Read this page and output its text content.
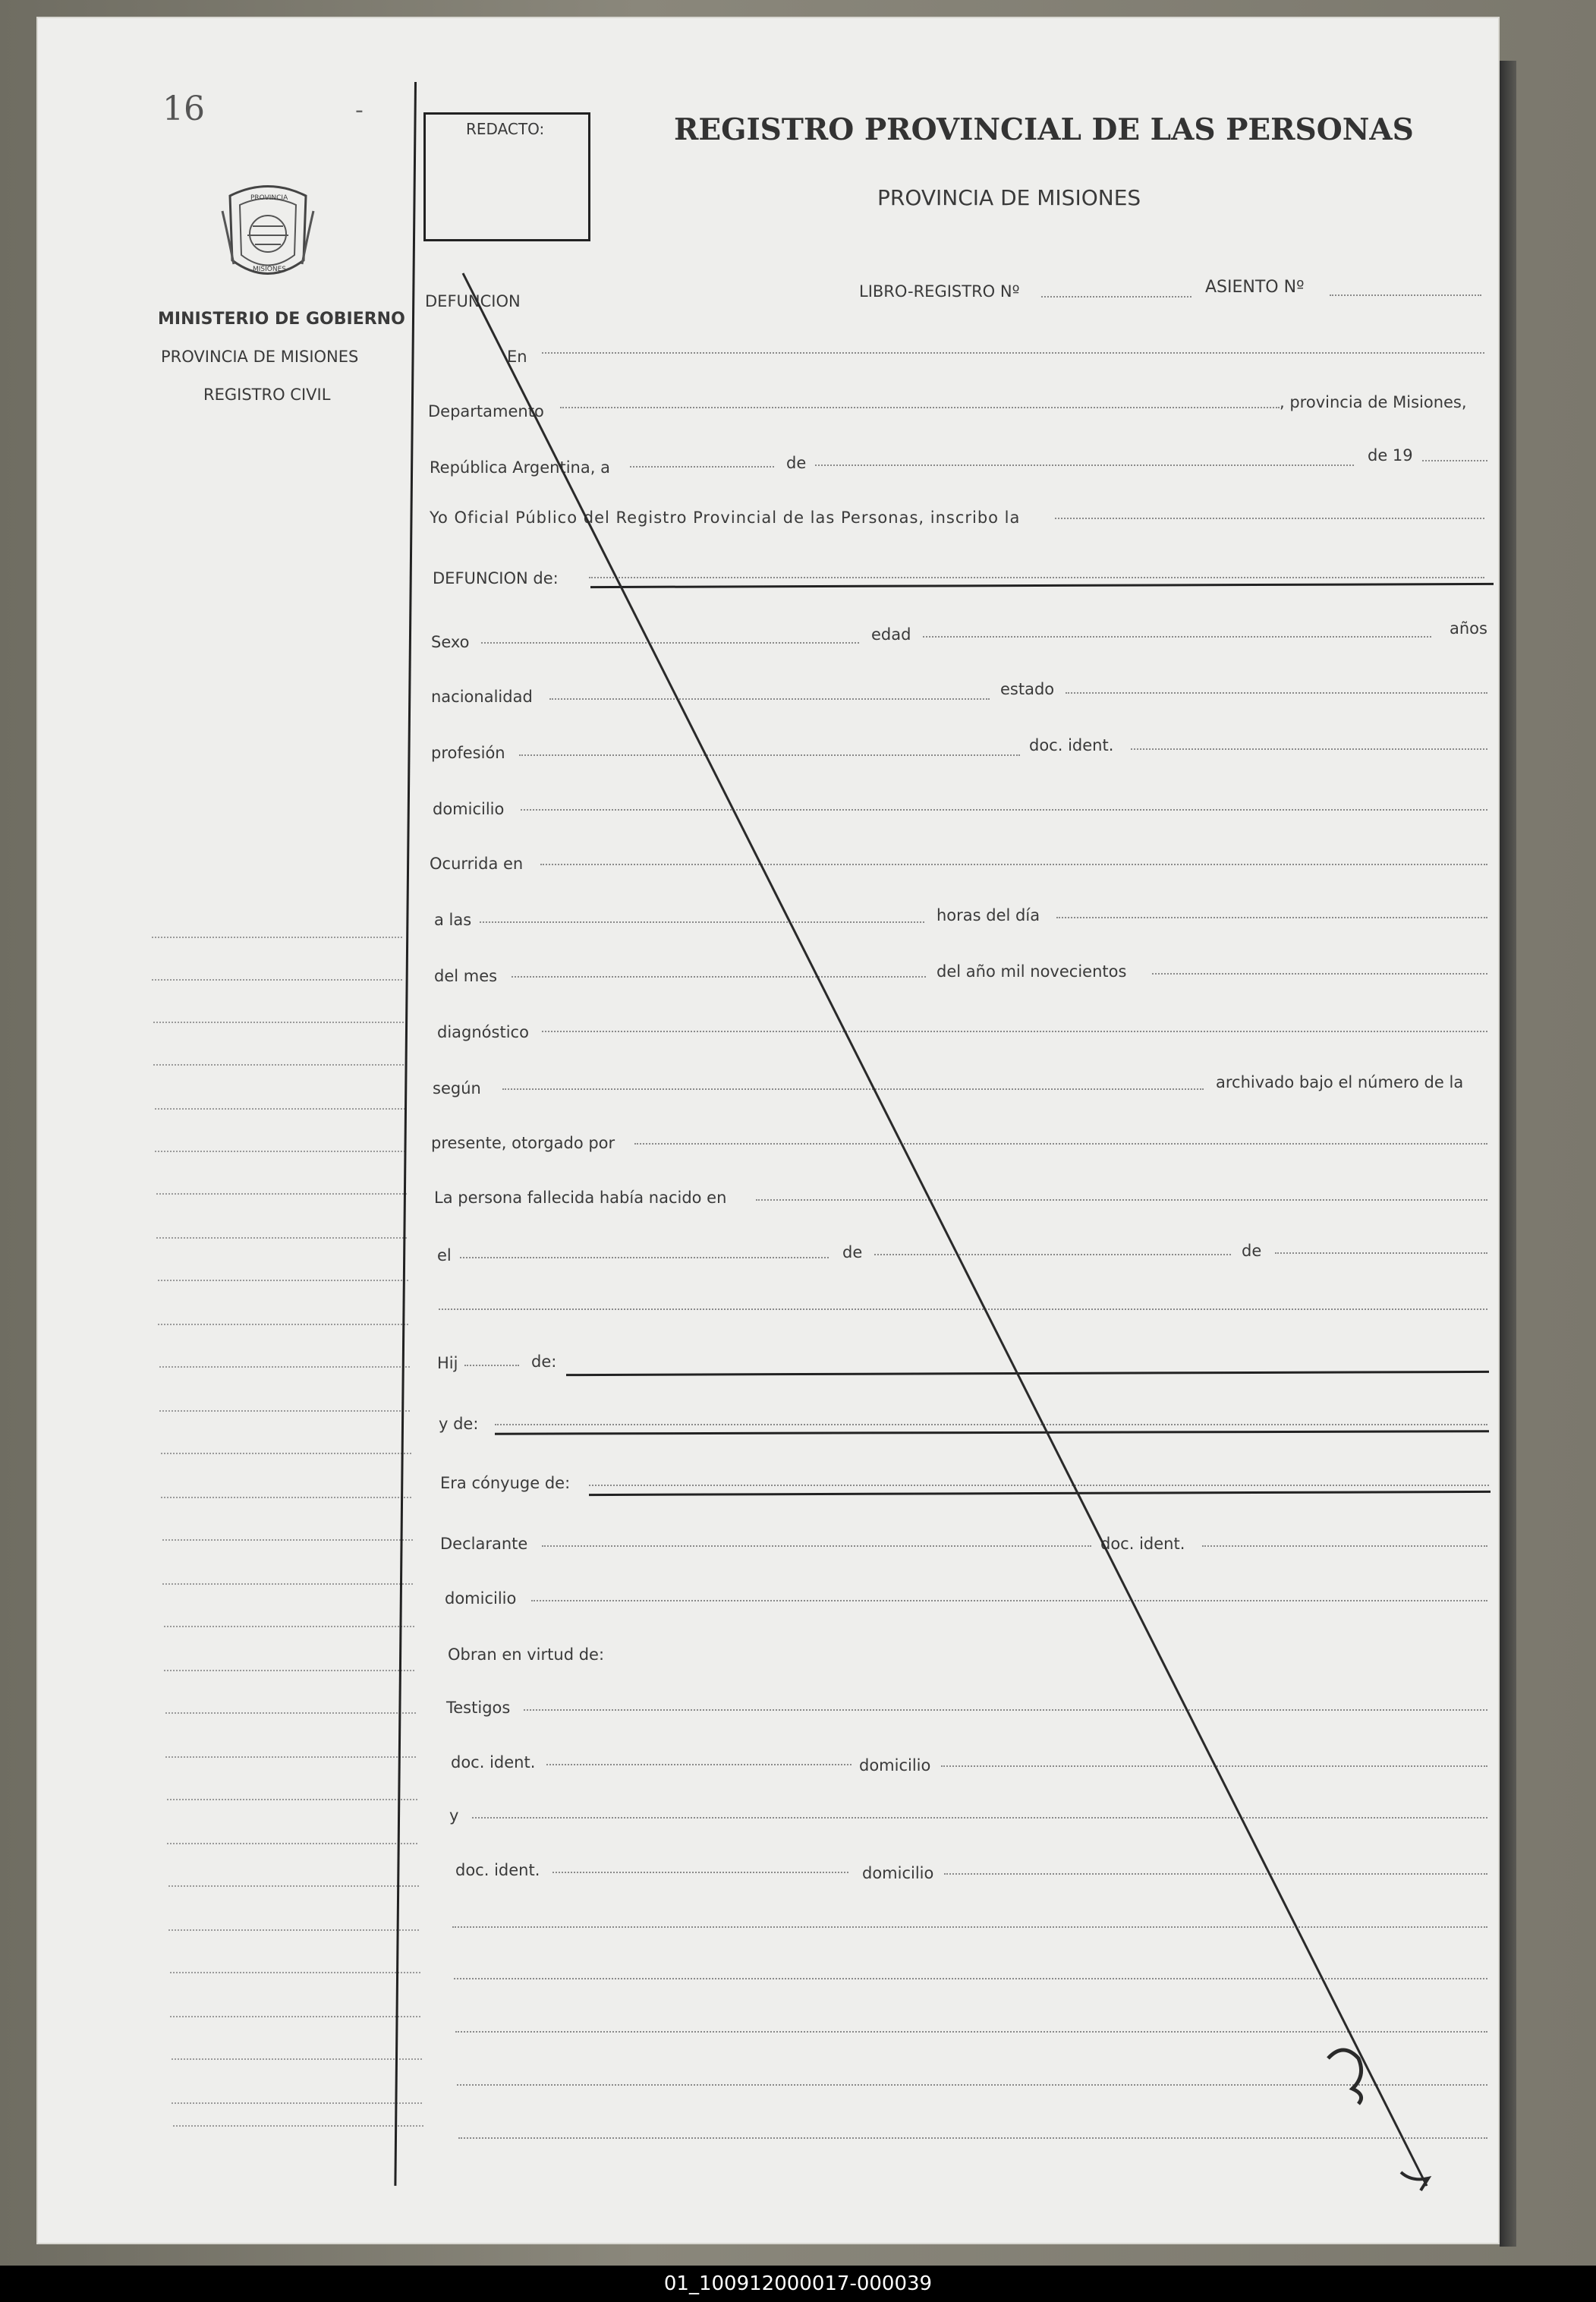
16	-
PROVINCIA
MISIONES
MINISTERIO DE GOBIERNO
PROVINCIA DE MISIONES
REGISTRO CIVIL
REDACTO:	REGISTRO PROVINCIAL DE LAS PERSONAS
PROVINCIA DE MISIONES
DEFUNCION
LIBRO-REGISTRO Nº	ASIENTO Nº
En
Departamento	, provincia de Misiones,
República Argentina, a	de	de 19
Yo Oficial Público del Registro Provincial de las Personas, inscribo la
DEFUNCION de:
Sexo	edad	años
nacionalidad	estado
profesión	doc. ident.
domicilio
Ocurrida en
a las	horas del día
del mes	del año mil novecientos
diagnóstico
según	archivado bajo el número de la
presente, otorgado por
La persona fallecida había nacido en
el	de	de
Hij	de:
y de:
Era cónyuge de:
Declarante	doc. ident.
domicilio
Obran en virtud de:
Testigos
doc. ident.	domicilio
y
doc. ident.	domicilio
01_100912000017-000039
